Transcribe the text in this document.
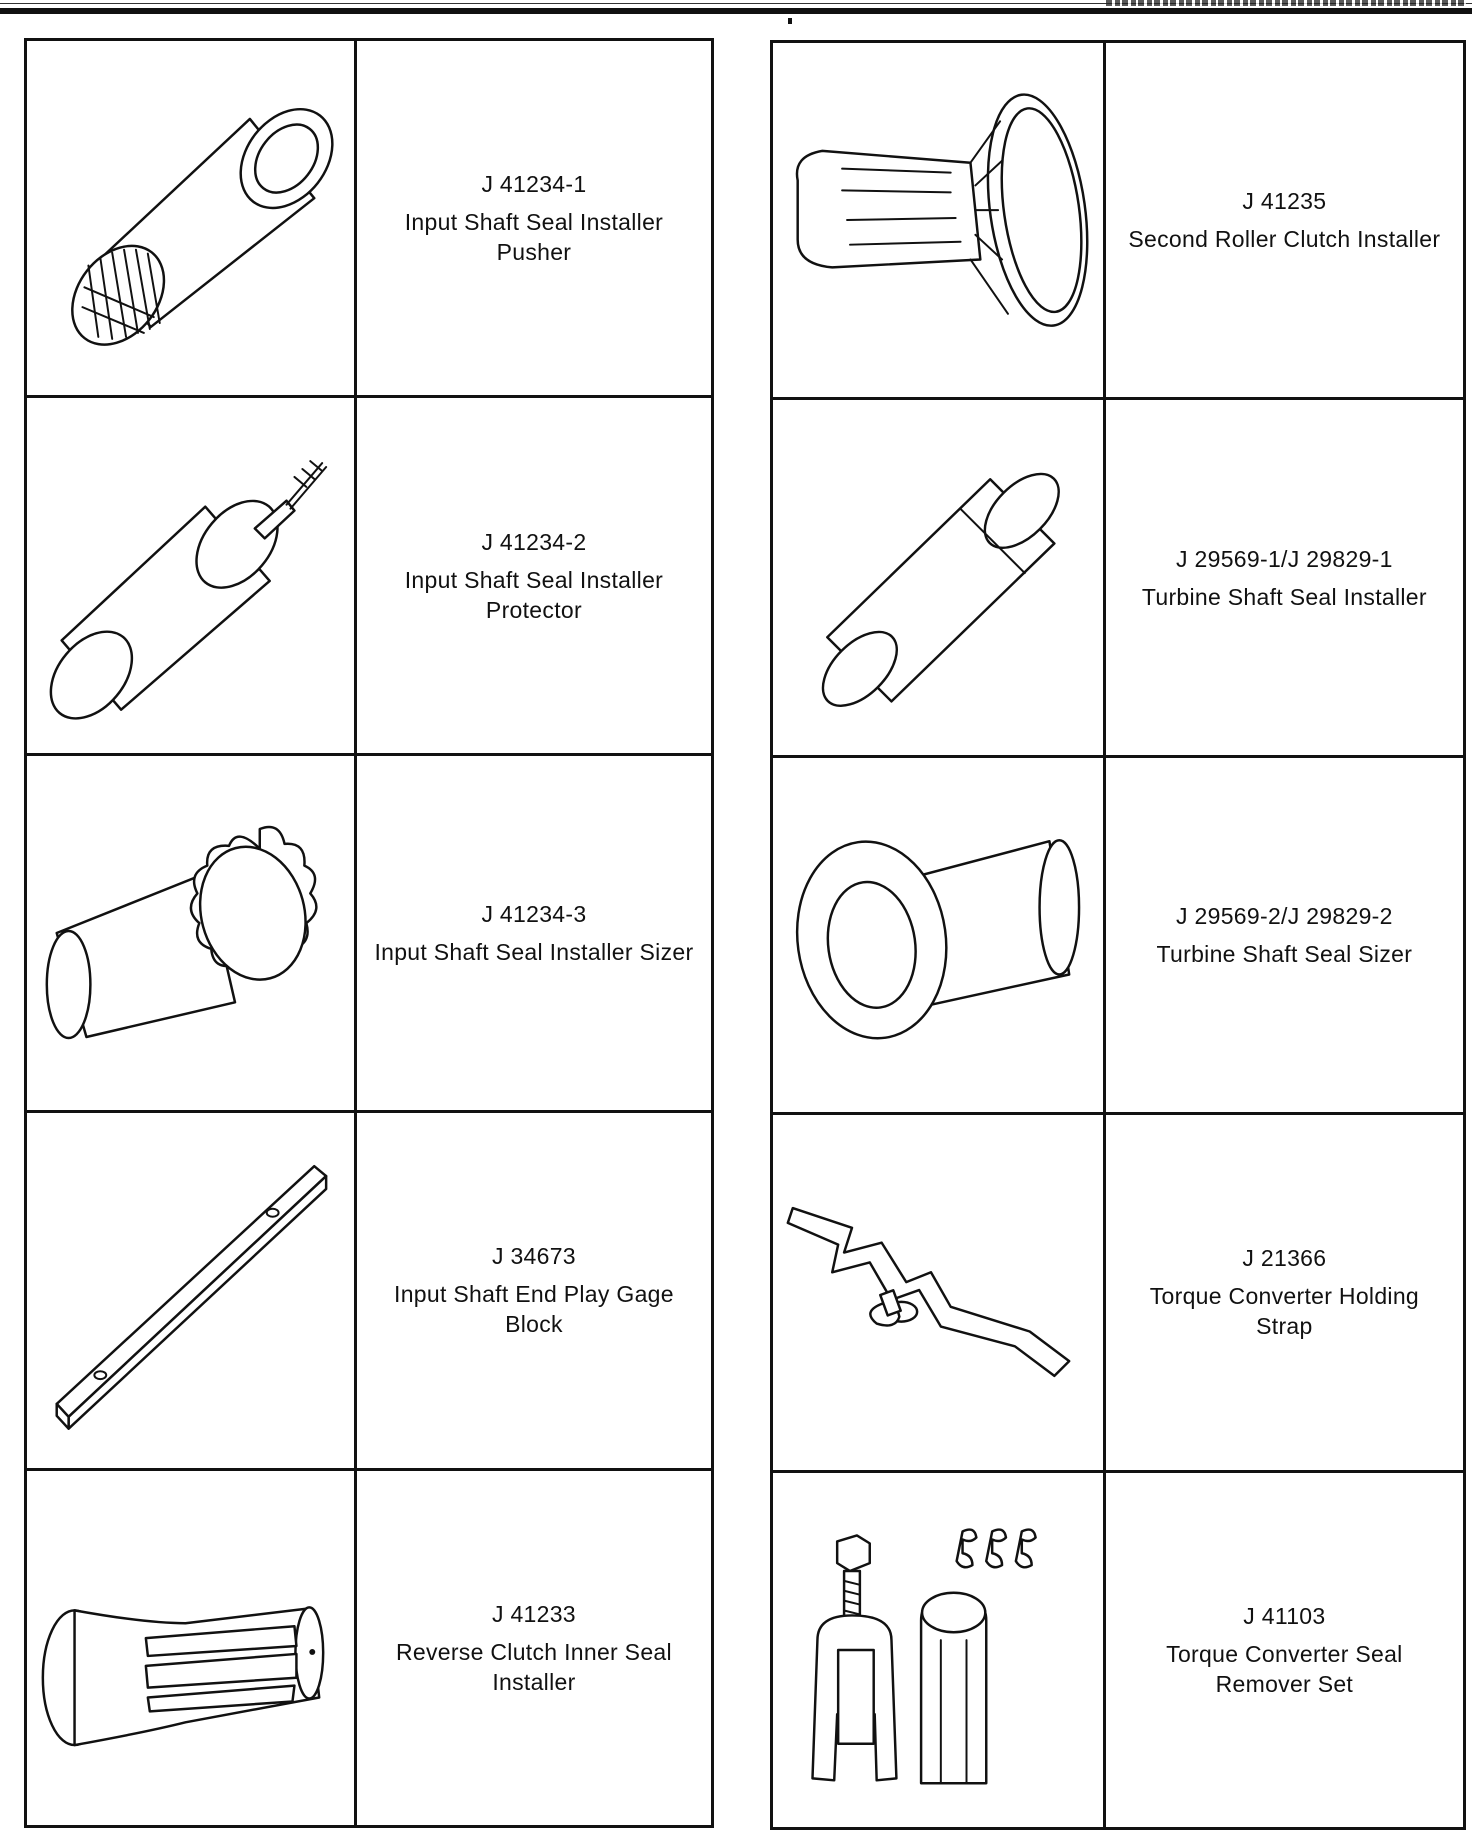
J 41234-1
Input Shaft Seal Installer Pusher

J 41234-2
Input Shaft Seal Installer Protector

J 41234-3
Input Shaft Seal Installer Sizer

J 34673
Input Shaft End Play Gage Block

J 41233
Reverse Clutch Inner Seal Installer

J 41235
Second Roller Clutch Installer

J 29569-1/J 29829-1
Turbine Shaft Seal Installer

J 29569-2/J 29829-2
Turbine Shaft Seal Sizer

J 21366
Torque Converter Holding Strap

J 41103
Torque Converter Seal Remover Set
